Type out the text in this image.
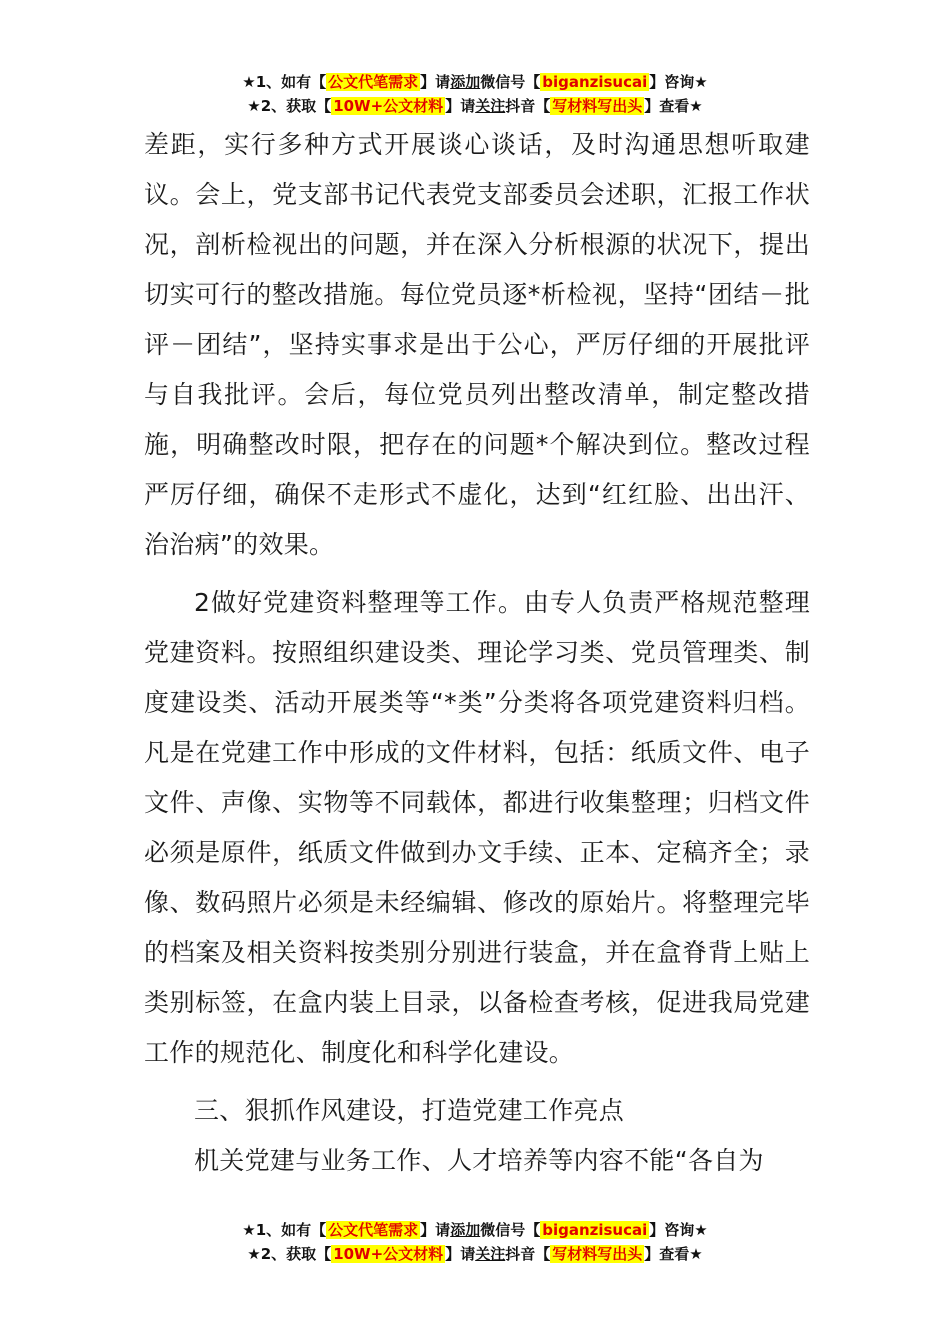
★1、如有【 公文代笔需求 】请添加微信号【 biganzisucai 】咨询★
★2、获取【 10W+公文材料 】请关注抖音【 写材料写出头 】查看★

差距，实行多种方式开展谈心谈话，及时沟通思想听取建议。会上，党支部书记代表党支部委员会述职，汇报工作状况，剖析检视出的问题，并在深入分析根源的状况下，提出切实可行的整改措施。每位党员逐*析检视，坚持“团结－批评－团结”，坚持实事求是出于公心，严厉仔细的开展批评与自我批评。会后，每位党员列出整改清单，制定整改措施，明确整改时限，把存在的问题*个解决到位。整改过程严厉仔细，确保不走形式不虚化，达到“红红脸、出出汗、治治病”的效果。

2做好党建资料整理等工作。由专人负责严格规范整理党建资料。按照组织建设类、理论学习类、党员管理类、制度建设类、活动开展类等“*类”分类将各项党建资料归档。凡是在党建工作中形成的文件材料，包括：纸质文件、电子文件、声像、实物等不同载体，都进行收集整理；归档文件必须是原件，纸质文件做到办文手续、正本、定稿齐全；录像、数码照片必须是未经编辑、修改的原始片。将整理完毕的档案及相关资料按类别分别进行装盒，并在盒脊背上贴上类别标签，在盒内装上目录，以备检查考核，促进我局党建工作的规范化、制度化和科学化建设。

三、狠抓作风建设，打造党建工作亮点

机关党建与业务工作、人才培养等内容不能“各自为

★1、如有【 公文代笔需求 】请添加微信号【 biganzisucai 】咨询★
★2、获取【 10W+公文材料 】请关注抖音【 写材料写出头 】查看★
